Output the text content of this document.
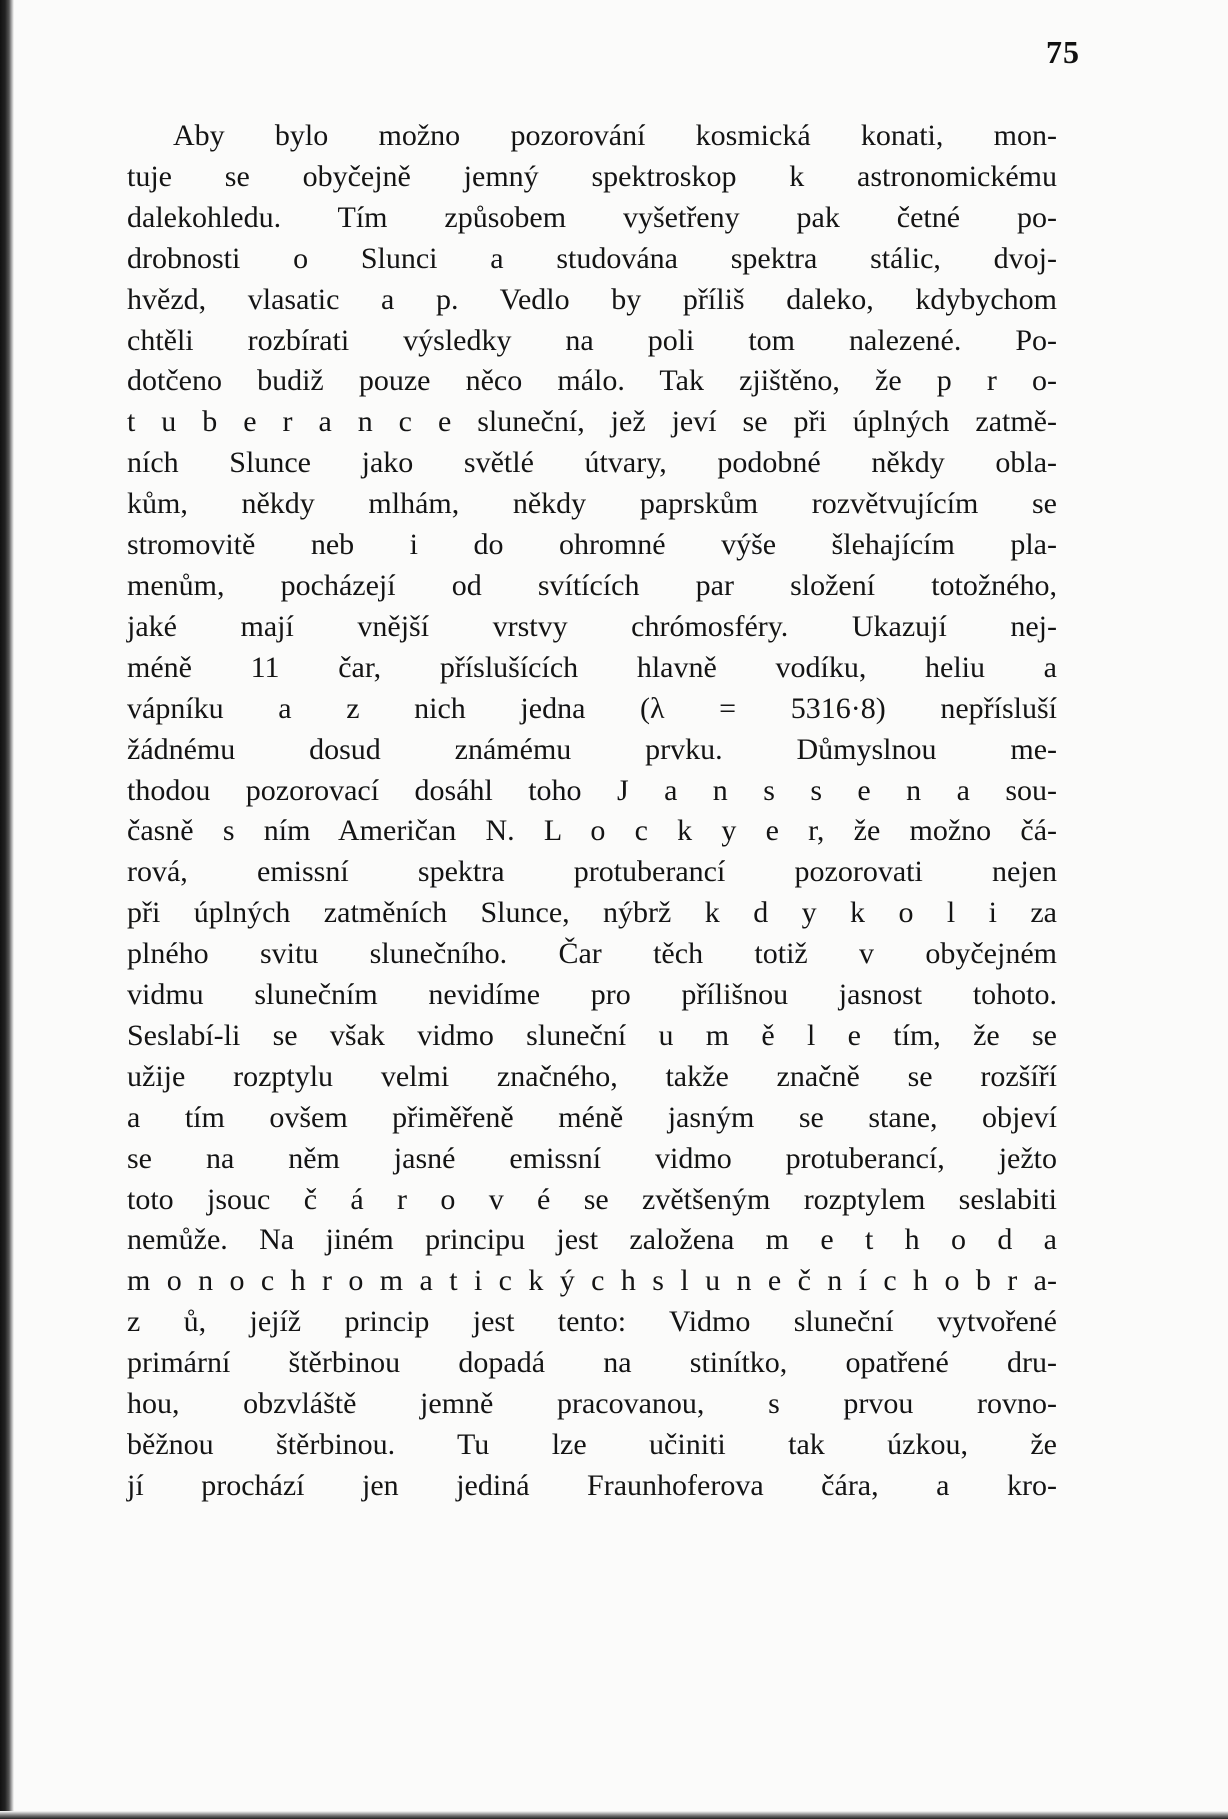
75
Aby bylo možno pozorování kosmická konati, mon-
tuje se obyčejně jemný spektroskop k astronomickému
dalekohledu. Tím způsobem vyšetřeny pak četné po-
drobnosti o Slunci a studována spektra stálic, dvoj-
hvězd, vlasatic a p. Vedlo by příliš daleko, kdybychom
chtěli rozbírati výsledky na poli tom nalezené. Po-
dotčeno budiž pouze něco málo. Tak zjištěno, že p r o-
t u b e r a n c e sluneční, jež jeví se při úplných zatmě-
ních Slunce jako světlé útvary, podobné někdy obla-
kům, někdy mlhám, někdy paprskům rozvětvujícím se
stromovitě neb i do ohromné výše šlehajícím pla-
menům, pocházejí od svítících par složení totožného,
jaké mají vnější vrstvy chrómosféry. Ukazují nej-
méně 11 čar, příslušících hlavně vodíku, heliu a
vápníku a z nich jedna (λ = 5316·8) nepřísluší
žádnému dosud známému prvku. Důmyslnou me-
thodou pozorovací dosáhl toho J a n s s e n a sou-
časně s ním Američan N. L o c k y e r, že možno čá-
rová, emissní spektra protuberancí pozorovati nejen
při úplných zatměních Slunce, nýbrž k d y k o l i za
plného svitu slunečního. Čar těch totiž v obyčejném
vidmu slunečním nevidíme pro přílišnou jasnost tohoto.
Seslabí-li se však vidmo sluneční u m ě l e tím, že se
užije rozptylu velmi značného, takže značně se rozšíří
a tím ovšem přiměřeně méně jasným se stane, objeví
se na něm jasné emissní vidmo protuberancí, ježto
toto jsouc č á r o v é se zvětšeným rozptylem seslabiti
nemůže. Na jiném principu jest založena m e t h o d a
m o n o c h r o m a t i c k ý c h s l u n e č n í c h o b r a-
z ů, jejíž princip jest tento: Vidmo sluneční vytvořené
primární štěrbinou dopadá na stinítko, opatřené dru-
hou, obzvláště jemně pracovanou, s prvou rovno-
běžnou štěrbinou. Tu lze učiniti tak úzkou, že
jí prochází jen jediná Fraunhoferova čára, a kro-
